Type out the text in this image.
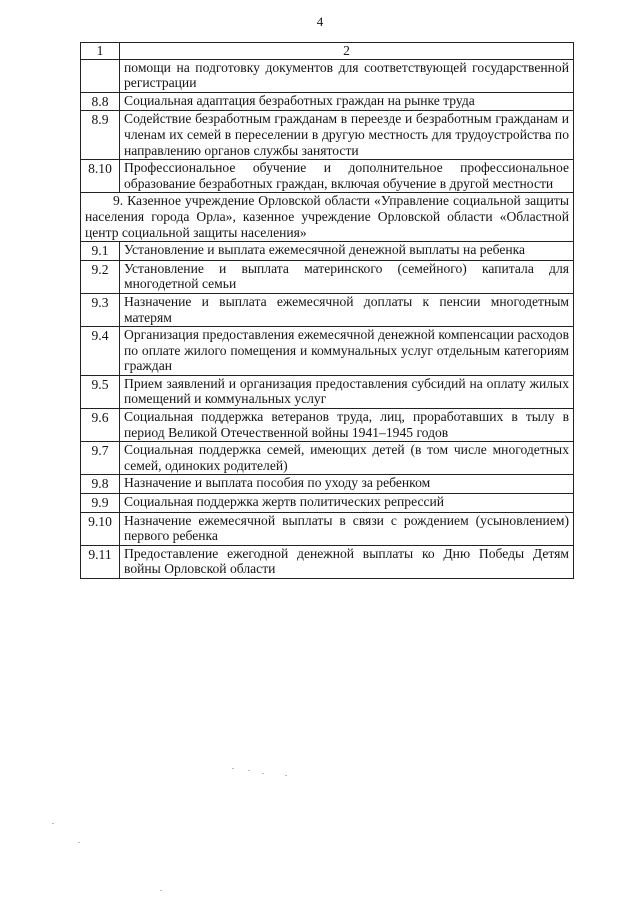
4
1	2
	помощи на подготовку документов для соответствующей государственной регистрации
8.8	Социальная адаптация безработных граждан на рынке труда
8.9	Содействие безработным гражданам в переезде и безработным гражданам и членам их семей в переселении в другую местность для трудоустройства по направлению органов службы занятости
8.10	Профессиональное обучение и дополнительное профессиональное образование безработных граждан, включая обучение в другой местности
9. Казенное учреждение Орловской области «Управление социальной защиты населения города Орла», казенное учреждение Орловской области «Областной центр социальной защиты населения»	
9.1	Установление и выплата ежемесячной денежной выплаты на ребенка
9.2	Установление и выплата материнского (семейного) капитала для многодетной семьи
9.3	Назначение и выплата ежемесячной доплаты к пенсии многодетным матерям
9.4	Организация предоставления ежемесячной денежной компенсации расходов по оплате жилого помещения и коммунальных услуг отдельным категориям граждан
9.5	Прием заявлений и организация предоставления субсидий на оплату жилых помещений и коммунальных услуг
9.6	Социальная поддержка ветеранов труда, лиц, проработавших в тылу в период Великой Отечественной войны 1941–1945 годов
9.7	Социальная поддержка семей, имеющих детей (в том числе многодетных семей, одиноких родителей)
9.8	Назначение и выплата пособия по уходу за ребенком
9.9	Социальная поддержка жертв политических репрессий
9.10	Назначение ежемесячной выплаты в связи с рождением (усыновлением) первого ребенка
9.11	Предоставление ежегодной денежной выплаты ко Дню Победы Детям войны Орловской области
